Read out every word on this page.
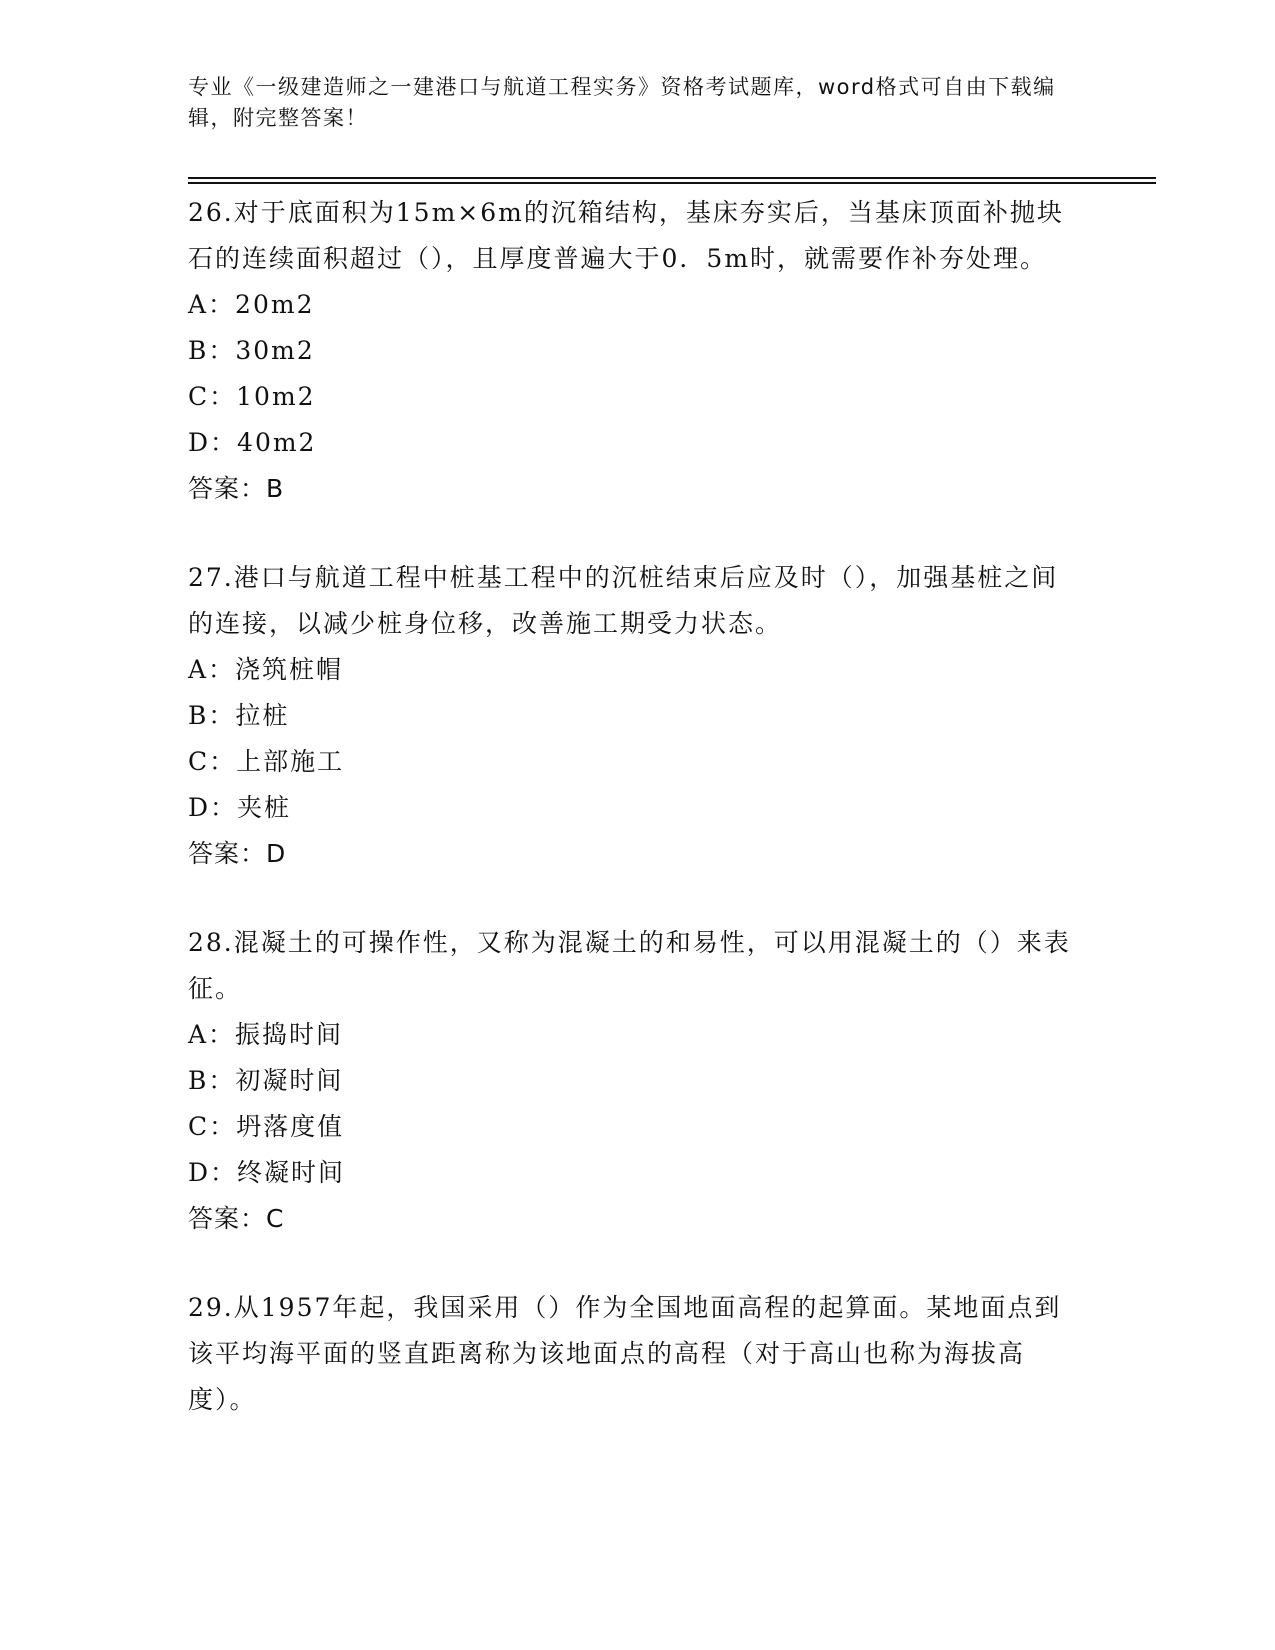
专业《一级建造师之一建港口与航道工程实务》资格考试题库，word格式可自由下载编辑，附完整答案！

26.对于底面积为15m×6m的沉箱结构，基床夯实后，当基床顶面补抛块石的连续面积超过（），且厚度普遍大于0．5m时，就需要作补夯处理。

A：20m2

B：30m2

C：10m2

D：40m2

答案：B

27.港口与航道工程中桩基工程中的沉桩结束后应及时（），加强基桩之间的连接，以减少桩身位移，改善施工期受力状态。

A：浇筑桩帽

B：拉桩

C：上部施工

D：夹桩

答案：D

28.混凝土的可操作性，又称为混凝土的和易性，可以用混凝土的（）来表征。

A：振捣时间

B：初凝时间

C：坍落度值

D：终凝时间

答案：C

29.从1957年起，我国采用（）作为全国地面高程的起算面。某地面点到该平均海平面的竖直距离称为该地面点的高程（对于高山也称为海拔高度）。
